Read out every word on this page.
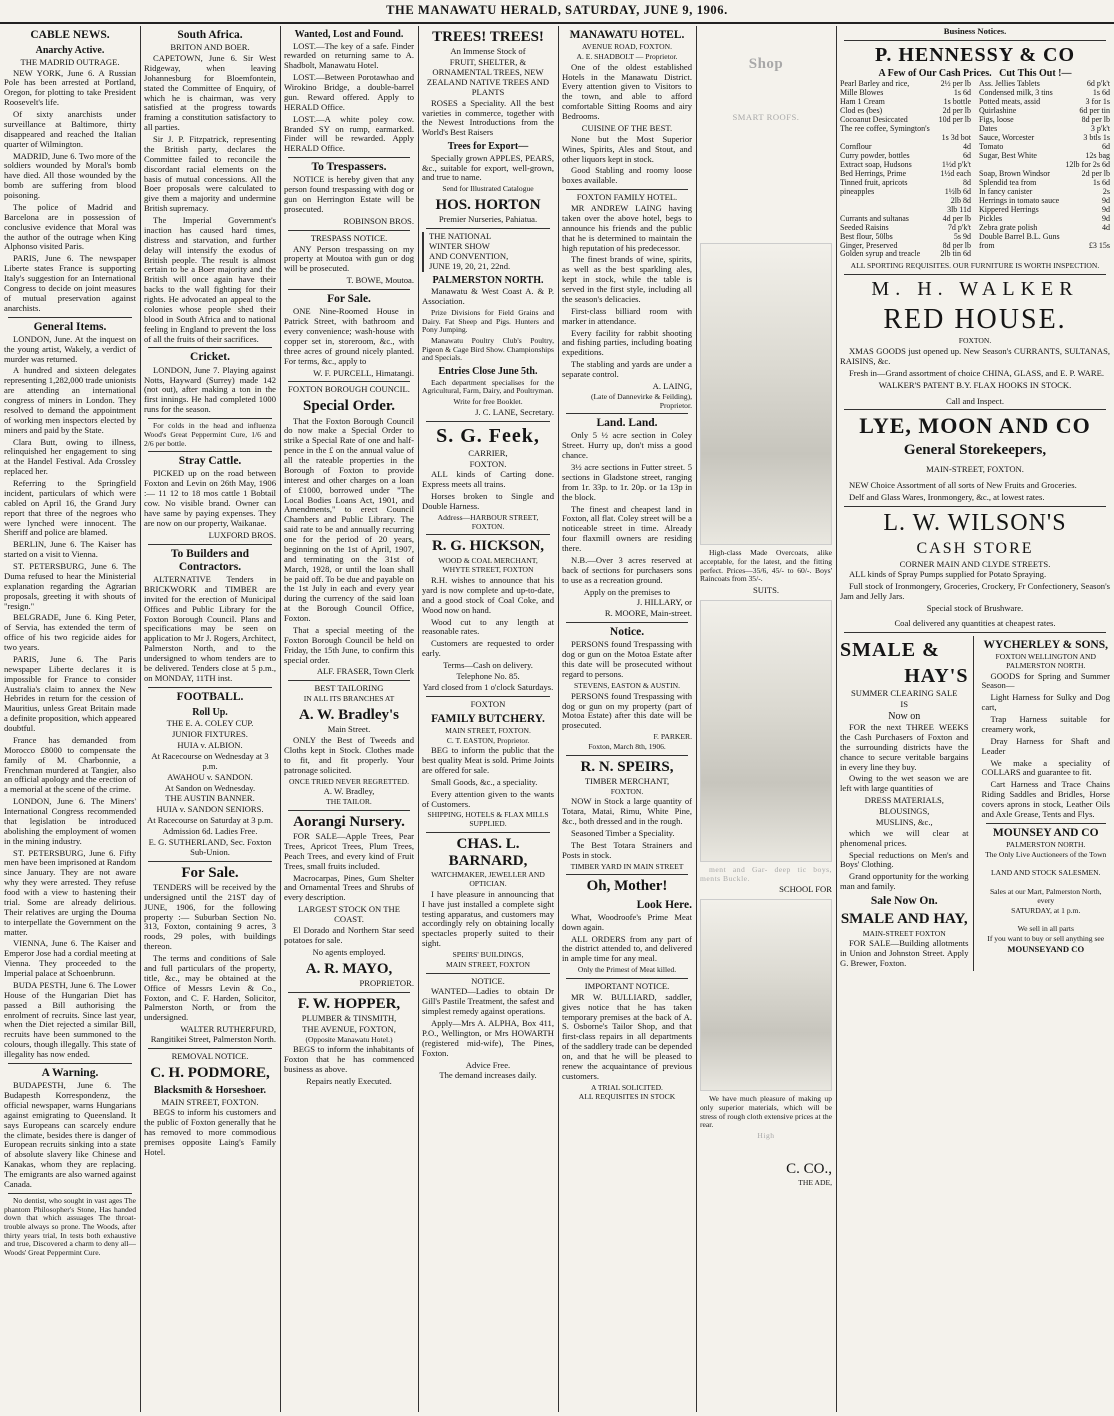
THE MANAWATU HERALD, SATURDAY, JUNE 9, 1906.
CABLE NEWS.
Anarchy Active.
THE MADRID OUTRAGE.

NEW YORK, June 6. A Russian Pole has been arrested at Portland, Oregon, for plotting to take President Roosevelt's life.

Of sixty anarchists under surveillance at Baltimore, thirty disappeared and reached the Italian quarter of Wilmington.

MADRID, June 6. Two more of the soldiers wounded by Moral's bomb have died. All those wounded by the bomb are suffering from blood poisoning.

The police of Madrid and Barcelona are in possession of conclusive evidence that Moral was the author of the outrage when King Alphonso visited Paris.

PARIS, June 6. The newspaper Liberte states France is supporting Italy's suggestion for an International Congress to decide on joint measures of mutual preservation against anarchists.

General Items.

LONDON, June. At the inquest on the young artist, Wakely, a verdict of murder was returned.

A hundred and sixteen delegates representing 1,282,000 trade unionists are attending an international congress of miners in London. They resolved to demand the appointment of working men inspectors elected by miners and paid by the State.

Clara Butt, owing to illness, relinquished her engagement to sing at the Handel Festival. Ada Crossley replaced her.

Referring to the Springfield incident, particulars of which were cabled on April 16, the Grand Jury report that three of the negroes who were lynched were innocent. The Sheriff and police are blamed.

BERLIN, June 6. The Kaiser has started on a visit to Vienna.

ST. PETERSBURG, June 6. The Duma refused to hear the Ministerial explanation regarding the Agrarian proposals, greeting it with shouts of "resign."

BELGRADE, June 6. King Peter, of Servia, has extended the term of office of his two regicide aides for two years.

PARIS, June 6. The Paris newspaper Liberte declares it is impossible for France to consider Australia's claim to annex the New Hebrides in return for the cession of Mauritius, unless Great Britain made a definite proposition, which appeared doubtful.

France has demanded from Morocco £8000 to compensate the family of M. Charbonnie, a Frenchman murdered at Tangier, also an official apology and the erection of a memorial at the scene of the crime.

LONDON, June 6. The Miners' International Congress recommended that legislation be introduced abolishing the employment of women in the mining industry.

ST. PETERSBURG, June 6. Fifty men have been imprisoned at Random since January. They are not aware why they were arrested. They refuse food with a view to hastening their trial. Some are already delirious. Their relatives are urging the Douma to interpellate the Government on the matter.

VIENNA, June 6. The Kaiser and Emperor Jose had a cordial meeting at Vienna. They proceeded to the Imperial palace at Schoenbrunn.

BUDA PESTH, June 6. The Lower House of the Hungarian Diet has passed a Bill authorising the enrolment of recruits. Since last year, when the Diet rejected a similar Bill, recruits have been summoned to the colours, though illegally. This state of illegality has now ended.

A Warning.

BUDAPESTH, June 6. The Budapesth Korrespondenz, the official newspaper, warns Hungarians against emigrating to Queensland. It says Europeans can scarcely endure the climate, besides there is danger of European recruits sinking into a state of absolute slavery like Chinese and Kanakas, whom they are replacing. The emigrants are also warned against Canada.

No dentist, who sought in vast ages The phantom Philosopher's Stone, Has handed down that which assuages The throat-trouble always so prone. The Woods, after thirty years trial, In tests both exhaustive and true, Discovered a charm to deny all— Woods' Great Peppermint Cure.

South Africa.
BRITON AND BOER.

CAPETOWN, June 6. Sir West Ridgeway, when leaving Johannesburg for Bloemfontein, stated the Committee of Enquiry, of which he is chairman, was very satisfied at the progress towards framing a constitution satisfactory to all parties.

Sir J. P. Fitzpatrick, representing the British party, declares the Committee failed to reconcile the discordant racial elements on the basis of mutual concessions. All the Boer proposals were calculated to give them a majority and undermine British supremacy.

The Imperial Government's inaction has caused hard times, distress and starvation, and further delay will intensify the exodus of British people. The result is almost certain to be a Boer majority and the British will once again have their backs to the wall fighting for their rights. He advocated an appeal to the colonies whose people shed their blood in South Africa and to national feeling in England to prevent the loss of all the fruits of their sacrifices.

Cricket.

LONDON, June 7. Playing against Notts, Hayward (Surrey) made 142 (not out), after making a ton in the first innings. He had completed 1000 runs for the season.

For colds in the head and influenza Wood's Great Peppermint Cure, 1/6 and 2/6 per bottle.

Stray Cattle.

PICKED up on the road between Foxton and Levin on 26th May, 1906 :— 11 12 to 18 mos cattle 1 Bobtail cow. No visible brand. Owner can have same by paying expenses. They are now on our property, Waikanae.

LUXFORD BROS.
To Builders and Contractors.

ALTERNATIVE Tenders in BRICKWORK and TIMBER are invited for the erection of Municipal Offices and Public Library for the Foxton Borough Council. Plans and specifications may be seen on application to Mr J. Rogers, Architect, Palmerston North, and to the undersigned to whom tenders are to be delivered. Tenders close at 5 p.m., on MONDAY, 11TH inst.

FOOTBALL.
Roll Up.
THE E. A. COLEY CUP.
JUNIOR FIXTURES.
HUIA v. ALBION.
At Racecourse on Wednesday at 3 p.m.
AWAHOU v. SANDON.
At Sandon on Wednesday.
THE AUSTIN BANNER.
HUIA v. SANDON SENIORS.
At Racecourse on Saturday at 3 p.m.
Admission 6d. Ladies Free.
E. G. SUTHERLAND, Sec. Foxton Sub-Union.
For Sale.

TENDERS will be received by the undersigned until the 21ST day of JUNE, 1906, for the following property :— Suburban Section No. 313, Foxton, containing 9 acres, 3 roods, 29 poles, with buildings thereon.

The terms and conditions of Sale and full particulars of the property, title, &c., may be obtained at the Office of Messrs Levin & Co., Foxton, and C. F. Harden, Solicitor, Palmerston North, or from the undersigned.

WALTER RUTHERFURD, Rangitikei Street, Palmerston North.
REMOVAL NOTICE.
C. H. PODMORE,
Blacksmith & Horseshoer.
MAIN STREET, FOXTON.

BEGS to inform his customers and the public of Foxton generally that he has removed to more commodious premises opposite Laing's Family Hotel.

Wanted, Lost and Found.

LOST.—The key of a safe. Finder rewarded on returning same to A. Shadbolt, Manawatu Hotel.

LOST.—Between Porotawhao and Wirokino Bridge, a double-barrel gun. Reward offered. Apply to HERALD Office.

LOST.—A white poley cow. Branded SY on rump, earmarked. Finder will be rewarded. Apply HERALD Office.

To Trespassers.

NOTICE is hereby given that any person found trespassing with dog or gun on Herrington Estate will be prosecuted.

ROBINSON BROS.
TRESPASS NOTICE.

ANY Person trespassing on my property at Moutoa with gun or dog will be prosecuted.

T. BOWE, Moutoa.
For Sale.

ONE Nine-Roomed House in Patrick Street, with bathroom and every convenience; wash-house with copper set in, storeroom, &c., with three acres of ground nicely planted. For terms, &c., apply to

W. F. PURCELL, Himatangi.
FOXTON BOROUGH COUNCIL.
Special Order.

That the Foxton Borough Council do now make a Special Order to strike a Special Rate of one and half-pence in the £ on the annual value of all the rateable properties in the Borough of Foxton to provide interest and other charges on a loan of £1000, borrowed under "The Local Bodies Loans Act, 1901, and Amendments," to erect Council Chambers and Public Library. The said rate to be and annually recurring one for the period of 20 years, beginning on the 1st of April, 1907, and terminating on the 31st of March, 1928, or until the loan shall be paid off. To be due and payable on the 1st July in each and every year during the currency of the said loan at the Borough Council Office, Foxton.

That a special meeting of the Foxton Borough Council be held on Friday, the 15th June, to confirm this special order.

ALF. FRASER, Town Clerk
BEST TAILORING
IN ALL ITS BRANCHES AT
A. W. Bradley's
Main Street.

ONLY the Best of Tweeds and Cloths kept in Stock. Clothes made to fit, and fit properly. Your patronage solicited.

ONCE TRIED NEVER REGRETTED.
A. W. Bradley,
THE TAILOR.
Aorangi Nursery.

FOR SALE—Apple Trees, Pear Trees, Apricot Trees, Plum Trees, Peach Trees, and every kind of Fruit Trees, small fruits included.

Macrocarpas, Pines, Gum Shelter and Ornamental Trees and Shrubs of every description.

LARGEST STOCK ON THE COAST.

El Dorado and Northern Star seed potatoes for sale.

No agents employed.
A. R. MAYO,
PROPRIETOR.
F. W. HOPPER,
PLUMBER & TINSMITH,
THE AVENUE, FOXTON,
(Opposite Manawatu Hotel.)

BEGS to inform the inhabitants of Foxton that he has commenced business as above.

Repairs neatly Executed.
TREES! TREES!
An Immense Stock of
FRUIT, SHELTER, & ORNAMENTAL TREES, NEW ZEALAND NATIVE TREES AND PLANTS

ROSES a Speciality. All the best varieties in commerce, together with the Newest Introductions from the World's Best Raisers

Trees for Export—

Specially grown APPLES, PEARS, &c., suitable for export, well-grown, and true to name.

Send for Illustrated Catalogue
HOS. HORTON
Premier Nurseries, Pahiatua.
THE NATIONAL
WINTER SHOW
AND CONVENTION,
JUNE 19, 20, 21, 22nd.
PALMERSTON NORTH.

Manawatu & West Coast A. & P. Association.

Prize Divisions for Field Grains and Dairy. Fat Sheep and Pigs. Hunters and Pony Jumping.

Manawatu Poultry Club's Poultry, Pigeon & Cage Bird Show. Championships and Specials.

Entries Close June 5th.

Each department specialises for the Agricultural, Farm, Dairy, and Poultryman.

Write for free Booklet.
J. C. LANE, Secretary.
S. G. Feek,
CARRIER,
FOXTON.

ALL kinds of Carting done. Express meets all trains.

Horses broken to Single and Double Harness.

Address—HARBOUR STREET, FOXTON.
R. G. HICKSON,
WOOD & COAL MERCHANT,
WHYTE STREET, FOXTON

R.H. wishes to announce that his yard is now complete and up-to-date, and a good stock of Coal Coke, and Wood now on hand.

Wood cut to any length at reasonable rates.

Customers are requested to order early.

Terms—Cash on delivery.
Telephone No. 85.
Yard closed from 1 o'clock Saturdays.
FOXTON
FAMILY BUTCHERY.
MAIN STREET, FOXTON.
C. T. EASTON, Proprietor.

BEG to inform the public that the best quality Meat is sold. Prime Joints are offered for sale.

Small Goods, &c., a speciality.

Every attention given to the wants of Customers.

SHIPPING, HOTELS & FLAX MILLS SUPPLIED.
CHAS. L. BARNARD,
WATCHMAKER, JEWELLER AND OPTICIAN.

I have pleasure in announcing that I have just installed a complete sight testing apparatus, and customers may accordingly rely on obtaining locally spectacles properly suited to their sight.

SPEIRS' BUILDINGS,
MAIN STREET, FOXTON
NOTICE.

WANTED—Ladies to obtain Dr Gill's Pastile Treatment, the safest and simplest remedy against operations.

Apply—Mrs A. ALPHA, Box 411, P.O., Wellington, or Mrs HOWARTH (registered mid-wife), The Pines, Foxton.

Advice Free.
The demand increases daily.
MANAWATU HOTEL.
AVENUE ROAD, FOXTON.
A. E. SHADBOLT — Proprietor.

One of the oldest established Hotels in the Manawatu District. Every attention given to Visitors to the town, and able to afford comfortable Sitting Rooms and airy Bedrooms.

CUISINE OF THE BEST.

None but the Most Superior Wines, Spirits, Ales and Stout, and other liquors kept in stock.

Good Stabling and roomy loose boxes available.

FOXTON FAMILY HOTEL.

MR ANDREW LAING having taken over the above hotel, begs to announce his friends and the public that he is determined to maintain the high reputation of his predecessor.

The finest brands of wine, spirits, as well as the best sparkling ales, kept in stock, while the table is served in the first style, including all the season's delicacies.

First-class billiard room with marker in attendance.

Every facility for rabbit shooting and fishing parties, including boating expeditions.

The stabling and yards are under a separate control.

A. LAING,
(Late of Dannevirke & Feilding), Proprietor.
Land. Land.

Only 5 ½ acre section in Coley Street. Hurry up, don't miss a good chance.

3½ acre sections in Futter street. 5 sections in Gladstone street, ranging from 1r. 33p. to 1r. 20p. or 1a 13p in the block.

The finest and cheapest land in Foxton, all flat. Coley street will be a noticeable street in time. Already four flaxmill owners are residing there.

N.B.—Over 3 acres reserved at back of sections for purchasers sons to use as a recreation ground.

Apply on the premises to
J. HILLARY, or
R. MOORE, Main-street.
Notice.

PERSONS found Trespassing with dog or gun on the Motoa Estate after this date will be prosecuted without regard to persons.

STEVENS, EASTON & AUSTIN.

PERSONS found Trespassing with dog or gun on my property (part of Motoa Estate) after this date will be prosecuted.

F. PARKER.
Foxton, March 8th, 1906.
R. N. SPEIRS,
TIMBER MERCHANT,
FOXTON.

NOW in Stock a large quantity of Totara, Matai, Rimu, White Pine, &c., both dressed and in the rough.

Seasoned Timber a Speciality.

The Best Totara Strainers and Posts in stock.

TIMBER YARD IN MAIN STREET
Oh, Mother!
Look Here.

What, Woodroofe's Prime Meat down again.

ALL ORDERS from any part of the district attended to, and delivered in ample time for any meal.

Only the Primest of Meat killed.
IMPORTANT NOTICE.

MR W. BULLIARD, saddler, gives notice that he has taken temporary premises at the back of A. S. Osborne's Tailor Shop, and that first-class repairs in all departments of the saddlery trade can be depended on, and that he will be pleased to renew the acquaintance of previous customers.

A TRIAL SOLICITED.
ALL REQUISITES IN STOCK
Shop
SMART ROOFS.

High-class Made Overcoats, alike acceptable, for the latest, and the fitting perfect. Prices—35/6, 45/- to 60/-. Boys' Raincoats from 35/-.

SUITS.

ment and Gar- deep tic boys, ments Buckle.

SCHOOL FOR

We have much pleasure of making up only superior materials, which will be stress of rough cloth extensive prices at the rear.

High
C. CO.,
THE ADE,
Business Notices.
P. HENNESSY & CO
A Few of Our Cash Prices. Cut This Out !—
Pearl Barley and rice,	2½ per lb
Mille Blowes	1s 6d
Ham 1 Cream	1s bottle
Clod es (bes)	2d per lb
Cocoanut Desiccated	10d per lb
The ree coffee, Symington's
1s 3d bot
Cornflour	4d
Curry powder, bottles	6d
Extract soap, Hudsons	1½d p'k't
Bed Herrings, Prime	1½d each
Tinned fruit, apricots	8d
pineapples	1½lb 6d
2lb 8d
3lb 11d
Currants and sultanas	4d per lb
Seeded Raisins	7d p'k't
Best flour, 50lbs	5s 9d
Ginger, Preserved	8d per lb
Golden syrup and treacle	2lb tin 6d
Ass. Jellies Tablets	6d p'k't
Condensed milk, 3 tins	1s 6d
Potted meats, assid	3 for 1s
Quirlashine	6d per tin
Figs, loose	8d per lb
Dates	3 p'k't
Sauce, Worcester	3 btls 1s
Tomato	6d
Sugar, Best White	12s bag
12lb for 2s 6d
Soap, Brown Windsor	2d per lb
Splendid tea from	1s 6d
In fancy canister	2s
Herrings in tomato sauce	9d
Kippered Herrings	9d
Pickles	9d
Zebra grate polish	4d
Double Barrel B.L. Guns
from	£3 15s
ALL SPORTING REQUISITES. OUR FURNITURE IS WORTH INSPECTION.
M. H. WALKER
RED HOUSE.
FOXTON.

XMAS GOODS just opened up. New Season's CURRANTS, SULTANAS, RAISINS, &c.

Fresh in—Grand assortment of choice CHINA, GLASS, and E. P. WARE.

WALKER'S PATENT B.Y. FLAX HOOKS IN STOCK.
Call and Inspect.
LYE, MOON AND CO
General Storekeepers,
MAIN-STREET, FOXTON.

NEW Choice Assortment of all sorts of New Fruits and Groceries.

Delf and Glass Wares, Ironmongery, &c., at lowest rates.

L. W. WILSON'S
CASH STORE
CORNER MAIN AND CLYDE STREETS.

ALL kinds of Spray Pumps supplied for Potato Spraying.

Full stock of Ironmongery, Groceries, Crockery, Fr Confectionery, Season's Jam and Jelly Jars.

Special stock of Brushware.
Coal delivered any quantities at cheapest rates.
SMALE &
HAY'S
SUMMER CLEARING SALE
IS
Now on

FOR the next THREE WEEKS the Cash Purchasers of Foxton and the surrounding districts have the chance to secure veritable bargains in every line they buy.

Owing to the wet season we are left with large quantities of

DRESS MATERIALS,
BLOUSINGS,
MUSLINS, &c.,

which we will clear at phenomenal prices.

Special reductions on Men's and Boys' Clothing.

Grand opportunity for the working man and family.

Sale Now On.
SMALE AND HAY,
MAIN-STREET FOXTON

FOR SALE—Building allotments in Union and Johnston Street. Apply G. Brewer, Foxton.

WYCHERLEY & SONS,
FOXTON WELLINGTON AND PALMERSTON NORTH.

GOODS for Spring and Summer Season—

Light Harness for Sulky and Dog cart,

Trap Harness suitable for creamery work,

Dray Harness for Shaft and Leader

We make a speciality of COLLARS and guarantee to fit.

Cart Harness and Trace Chains Riding Saddles and Bridles, Horse covers aprons in stock, Leather Oils and Axle Grease, Tents and Flys.

MOUNSEY AND CO
PALMERSTON NORTH.
The Only Live Auctioneers of the Town
LAND AND STOCK SALESMEN.
Sales at our Mart, Palmerston North, every
SATURDAY, at 1 p.m.
We sell in all parts
If you want to buy or sell anything see
MOUNSEYAND CO
